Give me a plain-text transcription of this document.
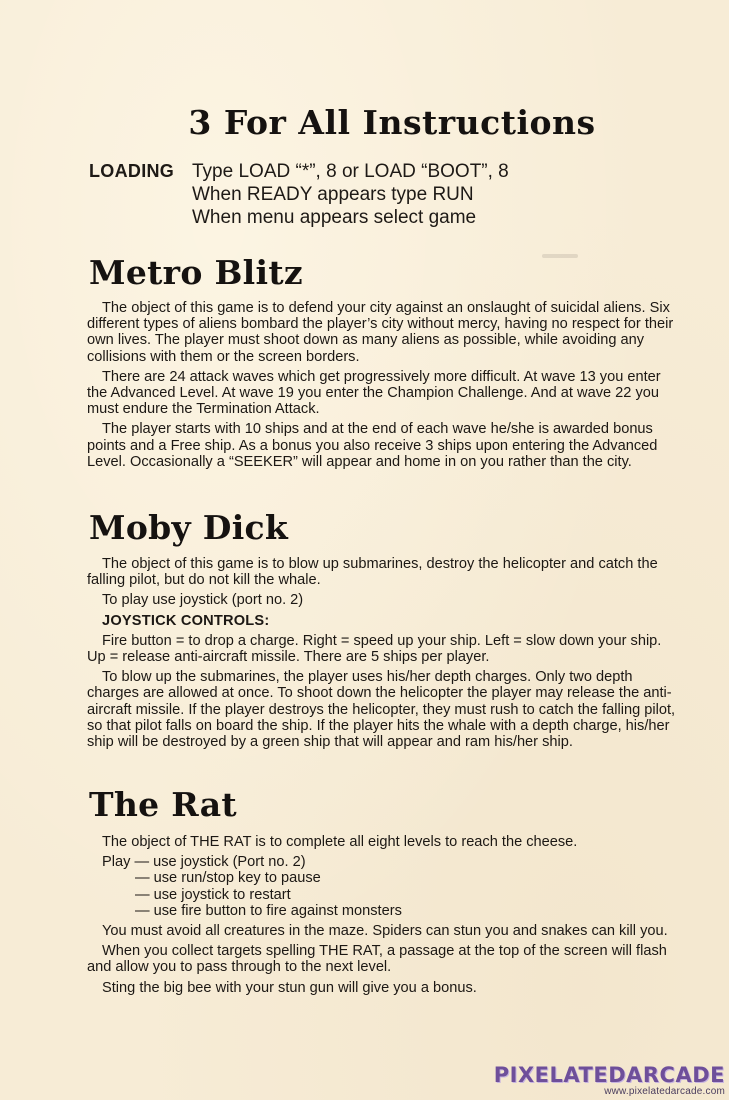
3 For All Instructions
LOADING Type LOAD “*”, 8 or LOAD “BOOT”, 8
When READY appears type RUN
When menu appears select game
Metro Blitz

The object of this game is to defend your city against an onslaught of suicidal aliens. Six different types of aliens bombard the player’s city without mercy, having no respect for their own lives. The player must shoot down as many aliens as possible, while avoiding any collisions with them or the screen borders.

There are 24 attack waves which get progressively more difficult. At wave 13 you enter the Advanced Level. At wave 19 you enter the Champion Challenge. And at wave 22 you must endure the Termination Attack.

The player starts with 10 ships and at the end of each wave he/she is awarded bonus points and a Free ship. As a bonus you also receive 3 ships upon entering the Advanced Level. Occasionally a “SEEKER” will appear and home in on you rather than the city.

Moby Dick

The object of this game is to blow up submarines, destroy the helicopter and catch the falling pilot, but do not kill the whale.

To play use joystick (port no. 2)

JOYSTICK CONTROLS:

Fire button = to drop a charge. Right = speed up your ship. Left = slow down your ship. Up = release anti-aircraft missile. There are 5 ships per player.

To blow up the submarines, the player uses his/her depth charges. Only two depth charges are allowed at once. To shoot down the helicopter the player may release the anti-aircraft missile. If the player destroys the helicopter, they must rush to catch the falling pilot, so that pilot falls on board the ship. If the player hits the whale with a depth charge, his/her ship will be destroyed by a green ship that will appear and ram his/her ship.

The Rat

The object of THE RAT is to complete all eight levels to reach the cheese.

Play — use joystick (Port no. 2)
— use run/stop key to pause
— use joystick to restart
— use fire button to fire against monsters

You must avoid all creatures in the maze. Spiders can stun you and snakes can kill you.

When you collect targets spelling THE RAT, a passage at the top of the screen will flash and allow you to pass through to the next level.

Sting the big bee with your stun gun will give you a bonus.

PIXELATEDARCADE
www.pixelatedarcade.com
